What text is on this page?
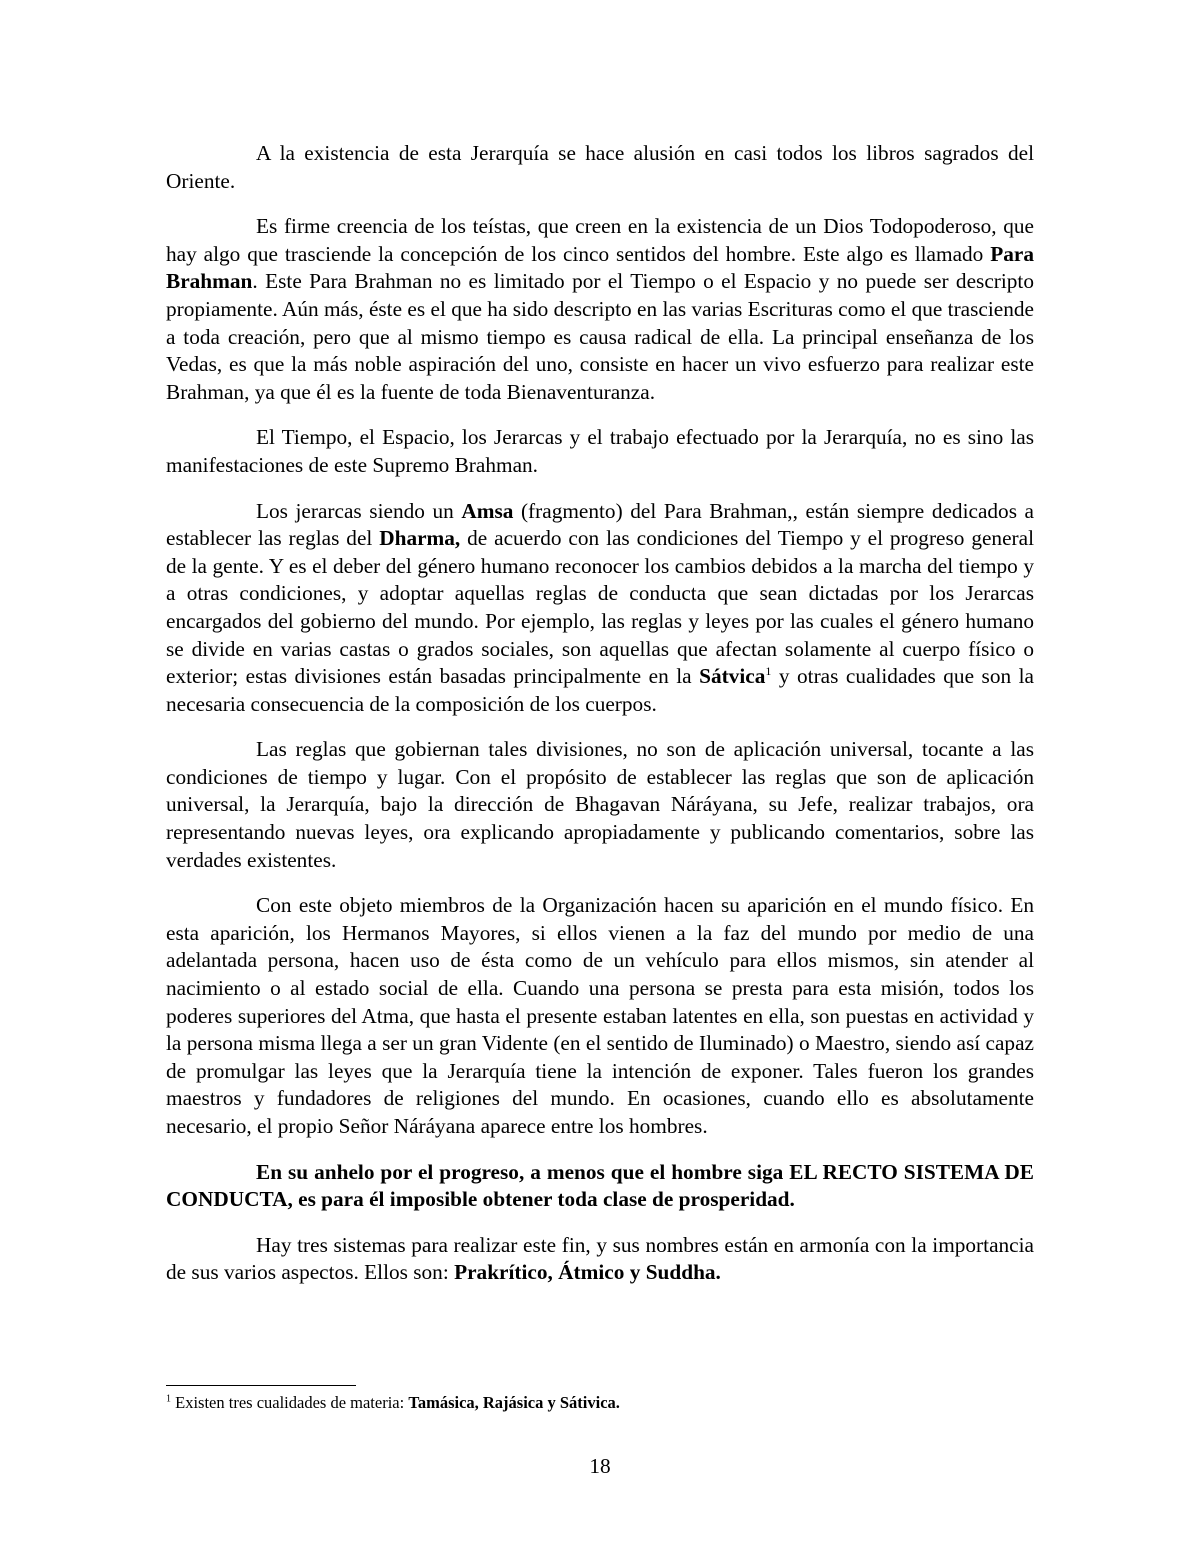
A la existencia de esta Jerarquía se hace alusión en casi todos los libros sagrados del Oriente.

Es firme creencia de los teístas, que creen en la existencia de un Dios Todopoderoso, que hay algo que trasciende la concepción de los cinco sentidos del hombre. Este algo es llamado Para Brahman. Este Para Brahman no es limitado por el Tiempo o el Espacio y no puede ser descripto propiamente. Aún más, éste es el que ha sido descripto en las varias Escrituras como el que trasciende a toda creación, pero que al mismo tiempo es causa radical de ella. La principal enseñanza de los Vedas, es que la más noble aspiración del uno, consiste en hacer un vivo esfuerzo para realizar este Brahman, ya que él es la fuente de toda Bienaventuranza.

El Tiempo, el Espacio, los Jerarcas y el trabajo efectuado por la Jerarquía, no es sino las manifestaciones de este Supremo Brahman.

Los jerarcas siendo un Amsa (fragmento) del Para Brahman,, están siempre dedicados a establecer las reglas del Dharma, de acuerdo con las condiciones del Tiempo y el progreso general de la gente. Y es el deber del género humano reconocer los cambios debidos a la marcha del tiempo y a otras condiciones, y adoptar aquellas reglas de conducta que sean dictadas por los Jerarcas encargados del gobierno del mundo. Por ejemplo, las reglas y leyes por las cuales el género humano se divide en varias castas o grados sociales, son aquellas que afectan solamente al cuerpo físico o exterior; estas divisiones están basadas principalmente en la Sátvica$^1$ y otras cualidades que son la necesaria consecuencia de la composición de los cuerpos.

Las reglas que gobiernan tales divisiones, no son de aplicación universal, tocante a las condiciones de tiempo y lugar. Con el propósito de establecer las reglas que son de aplicación universal, la Jerarquía, bajo la dirección de Bhagavan Náráyana, su Jefe, realizar trabajos, ora representando nuevas leyes, ora explicando apropiadamente y publicando comentarios, sobre las verdades existentes.

Con este objeto miembros de la Organización hacen su aparición en el mundo físico. En esta aparición, los Hermanos Mayores, si ellos vienen a la faz del mundo por medio de una adelantada persona, hacen uso de ésta como de un vehículo para ellos mismos, sin atender al nacimiento o al estado social de ella. Cuando una persona se presta para esta misión, todos los poderes superiores del Atma, que hasta el presente estaban latentes en ella, son puestas en actividad y la persona misma llega a ser un gran Vidente (en el sentido de Iluminado) o Maestro, siendo así capaz de promulgar las leyes que la Jerarquía tiene la intención de exponer. Tales fueron los grandes maestros y fundadores de religiones del mundo. En ocasiones, cuando ello es absolutamente necesario, el propio Señor Náráyana aparece entre los hombres.

En su anhelo por el progreso, a menos que el hombre siga EL RECTO SISTEMA DE CONDUCTA, es para él imposible obtener toda clase de prosperidad.

Hay tres sistemas para realizar este fin, y sus nombres están en armonía con la importancia de sus varios aspectos. Ellos son: Prakrítico, Átmico y Suddha.

$^1$ Existen tres cualidades de materia: Tamásica, Rajásica y Sátivica.
18
